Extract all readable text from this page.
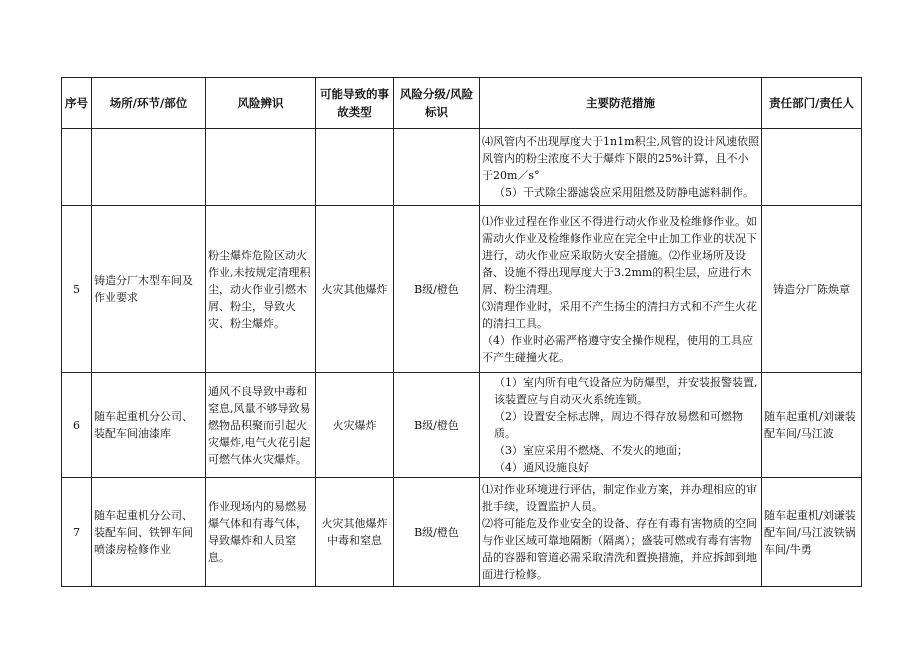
序号	场所/环节/部位	风险辨识	可能导致的事故类型	风险分级/风险标识	主要防范措施	责任部门/责任人

					⑷风管内不出现厚度大于1n1m积尘,风管的设计风速依照风管内的粉尘浓度不大于爆炸下限的25%计算，且不小于20m／s°
（5）干式除尘器滤袋应采用阻燃及防静电滤料制作。	

5	铸造分厂木型车间及作业要求	粉尘爆炸危险区动火作业,未按规定清理积尘，动火作业引燃木屑、粉尘，导致火灾、粉尘爆炸。	火灾其他爆炸	B级/橙色	⑴作业过程在作业区不得进行动火作业及检维修作业。如需动火作业及检维修作业应在完全中止加工作业的状况下进行，动火作业应采取防火安全措施。⑵作业场所及设备、设施不得出现厚度大于3.2mm的积尘层，应进行木屑、粉尘清理。
⑶清理作业时，采用不产生扬尘的清扫方式和不产生火花的清扫工具。
（4）作业时必需严格遵守安全操作规程，使用的工具应不产生碰撞火花。	铸造分厂陈焕章
6	随车起重机分公司、装配车间油漆库	通风不良导致中毒和窒息,风量不够导致易燃物品积聚而引起火灾爆炸,电气火花引起可燃气体火灾爆炸。	火灾爆炸	B级/橙色	（1）室内所有电气设备应为防爆型，并安装报警装置,该装置应与自动灭火系统连锁。
（2）设置安全标志牌，周边不得存放易燃和可燃物质。
（3）室应采用不燃烧、不发火的地面；
（4）通风设施良好	随车起重机/刘谦装配车间/马江波
7	随车起重机分公司、装配车间、铁钾车间喷漆房检修作业	作业现场内的易燃易爆气体和有毒气体，导致爆炸和人员窒息。	火灾其他爆炸中毒和窒息	B级/橙色	⑴对作业环境进行评估，制定作业方案，并办理相应的审批手续，设置监护人员。
⑵将可能危及作业安全的设备、存在有毒有害物质的空间与作业区域可靠地隔断（隔离）；盛装可燃或有毒有害物品的容器和管道必需采取清洗和置换措施，并应拆卸到地面进行检修。	随车起重机/刘谦装配车间/马江波铁锅车间/牛勇
